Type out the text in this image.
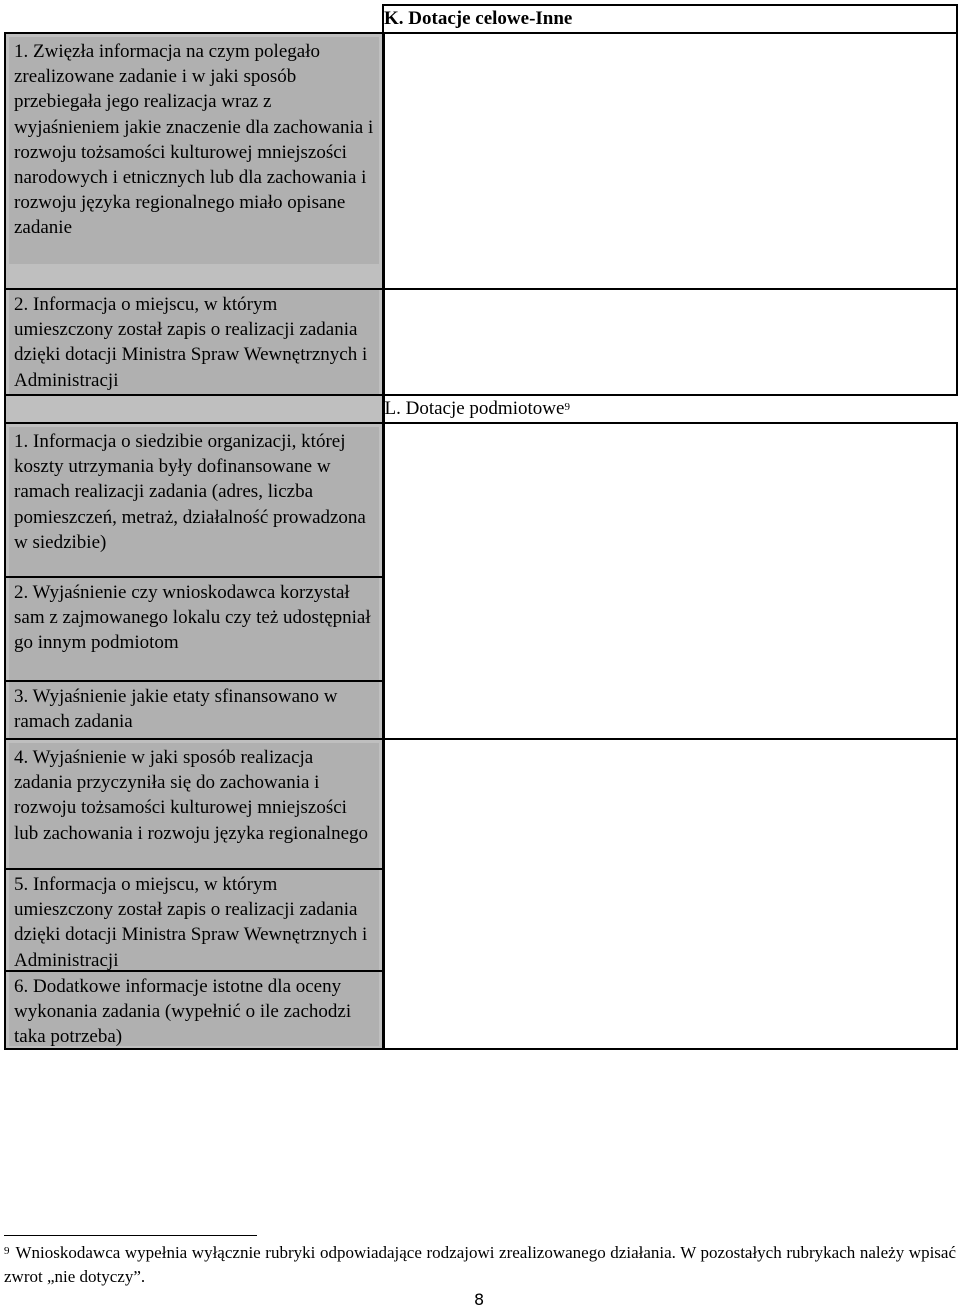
	K. Dotacje celowe-Inne

1. Zwięzła informacja na czym polegało zrealizowane zadanie i w jaki sposób przebiegała jego realizacja wraz z wyjaśnieniem jakie znaczenie dla zachowania i rozwoju tożsamości kulturowej mniejszości narodowych i etnicznych lub dla zachowania i rozwoju języka regionalnego miało opisane zadanie	

2. Informacja o miejscu, w którym umieszczony został zapis o realizacji zadania dzięki dotacji Ministra Spraw Wewnętrznych i Administracji	

	L. Dotacje podmiotowe$^9$

1. Informacja o siedzibie organizacji, której koszty utrzymania były dofinansowane w ramach realizacji zadania (adres, liczba pomieszczeń, metraż, działalność prowadzona w siedzibie)	

2. Wyjaśnienie czy wnioskodawca korzystał sam z zajmowanego lokalu czy też udostępniał go innym podmiotom	

3. Wyjaśnienie jakie etaty sfinansowano w ramach zadania	

4. Wyjaśnienie w jaki sposób realizacja zadania przyczyniła się do zachowania i rozwoju tożsamości kulturowej mniejszości lub zachowania i rozwoju języka regionalnego	

5. Informacja o miejscu, w którym umieszczony został zapis o realizacji zadania dzięki dotacji Ministra Spraw Wewnętrznych i Administracji	

6. Dodatkowe informacje istotne dla oceny wykonania zadania (wypełnić o ile zachodzi taka potrzeba)	
$^9$ Wnioskodawca wypełnia wyłącznie rubryki odpowiadające rodzajowi zrealizowanego działania. W pozostałych rubrykach należy wpisać zwrot „nie dotyczy”.
8
